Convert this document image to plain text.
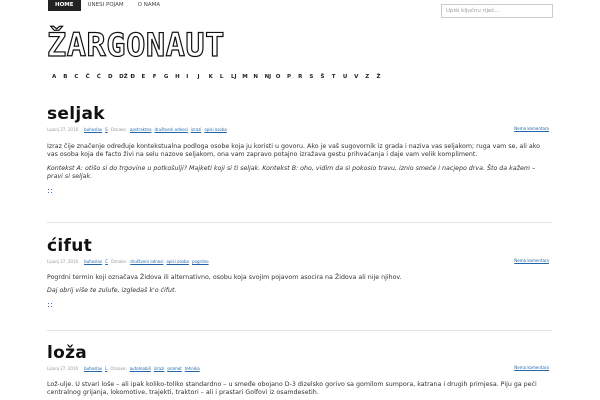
HOME	UNESI POJAM	O NAMA
Upiši ključnu riječ...
ŽARGONAUT
A	B	C	Č	Ć	D	DŽ Đ	E	F	G	H	I	J	K	L	LJ	M	N	NJ O	P	R	S	Š	T	U	V	Z	Ž
seljak
Lipanj 27, 2016 buhoslav S Oznake: apstraktno društveni odnosi izrazi opisi osoba	Nema komentara

Izraz čije značenje određuje kontekstualna podloga osobe koja ju koristi u govoru. Ako je vaš sugovornik iz grada i naziva vas seljakom; ruga vam se, ali ako vas osoba koja de facto živi na selu nazove seljakom, ona vam zapravo potajno izražava gestu prihvaćanja i daje vam velik kompliment.

Kontekst A: otišo si do trgovine u potkošulji? Majketi koji si ti seljak. Kontekst B: oho, vidim da si pokosio travu, iznio smeće i nacjepo drva. Što da kažem – pravi si seljak.

ćifut
Lipanj 27, 2016 buhoslav Ć Oznake: društveni odnosi opisi osoba pogrdno	Nema komentara

Pogrdni termin koji označava Židova ili alternativno, osobu koja svojim pojavom asocira na Židova ali nije njihov.

Daj obrij više te zulufe, izgledaš k'o ćifut.

loža
Lipanj 27, 2016 buhoslav L Oznake: automobili izrazi promet tehnika	Nema komentara

Lož-ulje. U stvari loše – ali ipak koliko-toliko standardno – u smeđe obojano D-3 dizelsko gorivo sa gomilom sumpora, katrana i drugih primjesa. Piju ga peći centralnog grijanja, lokomotive, trajekti, traktori – ali i prastari Golfovi iz osamdesetih.
